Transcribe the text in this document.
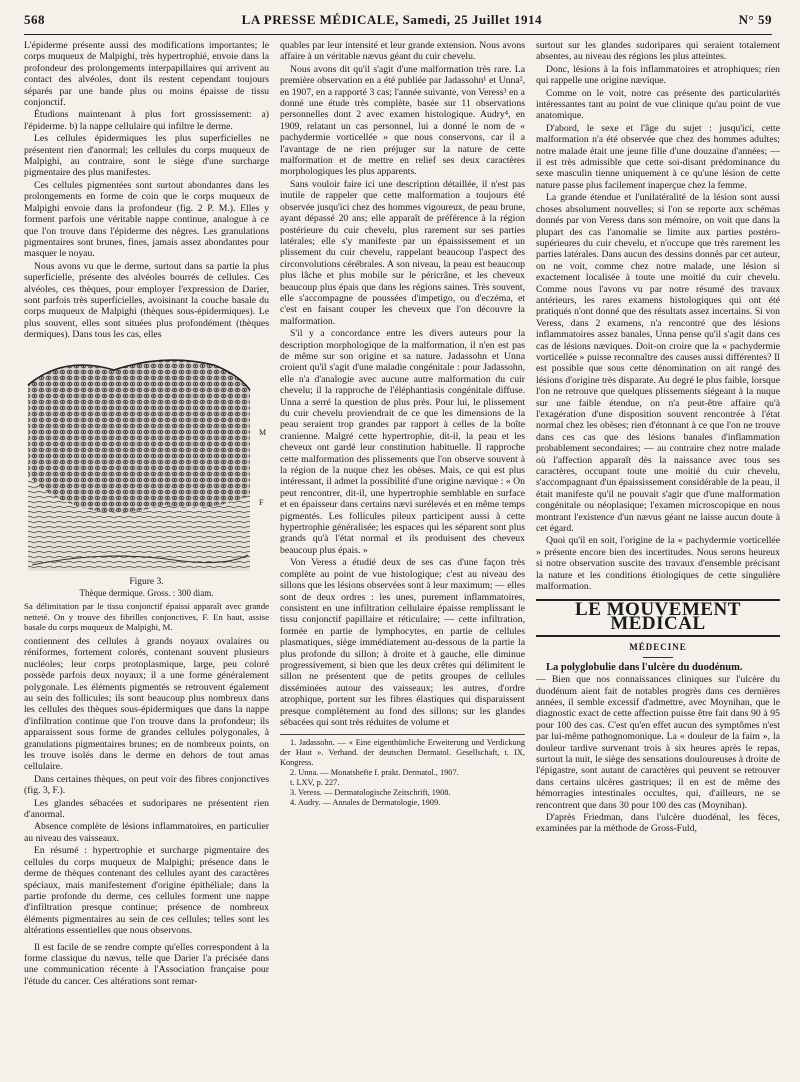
568	LA PRESSE MÉDICALE, Samedi, 25 Juillet 1914	N° 59

L'épiderme présente aussi des modifications importantes; le corps muqueux de Malpighi, très hypertrophié, envoie dans la profondeur des prolongements interpapillaires qui arrivent au contact des alvéoles, dont ils restent cependant toujours séparés par une bande plus ou moins épaisse de tissu conjonctif.

Étudions maintenant à plus fort grossissement: a) l'épiderme. b) la nappe cellulaire qui infiltre le derme.

Les cellules épidermiques les plus superficielles ne présentent rien d'anormal; les cellules du corps muqueux de Malpighi, au contraire, sont le siège d'une surcharge pigmentaire des plus manifestes.

Ces cellules pigmentées sont surtout abondantes dans les prolongements en forme de coin que le corps muqueux de Malpighi envoie dans la profondeur (fig. 2 P. M.). Elles y forment parfois une véritable nappe continue, analogue à ce que l'on trouve dans l'épiderme des nègres. Les granulations pigmentaires sont brunes, fines, jamais assez abondantes pour masquer le noyau.

Nous avons vu que le derme, surtout dans sa partie la plus superficielle, présente des alvéoles bourrés de cellules. Ces alvéoles, ces thèques, pour employer l'expression de Darier, sont parfois très superficielles, avoisinant la couche basale du corps muqueux de Malpighi (thèques sous-épidermiques). Le plus souvent, elles sont situées plus profondément (thèques dermiques). Dans tous les cas, elles

M
F
Figure 3.
Thèque dermique. Gross. : 300 diam.
Sa délimitation par le tissu conjonctif épaissi apparaît avec grande netteté. On y trouve des fibrilles conjonctives, F. En haut, assise basale du corps muqueux de Malpighi, M.

contiennent des cellules à grands noyaux ovalaires ou réniformes, fortement colorés, contenant souvent plusieurs nucléoles; leur corps protoplasmique, large, peu coloré possède parfois deux noyaux; il a une forme généralement polygonale. Les éléments pigmentés se retrouvent également au sein des follicules; ils sont beaucoup plus nombreux dans les cellules des thèques sous-épidermiques que dans la nappe d'infiltration continue que l'on trouve dans la profondeur; ils apparaissent sous forme de grandes cellules polygonales, à granulations pigmentaires brunes; en de nombreux points, on les trouve isolés dans le derme en dehors de tout amas cellulaire.

Dans certaines thèques, on peut voir des fibres conjonctives (fig. 3, F.).

Les glandes sébacées et sudoripares ne présentent rien d'anormal.

Absence complète de lésions inflammatoires, en particulier au niveau des vaisseaux.

En résumé : hypertrophie et surcharge pigmentaire des cellules du corps muqueux de Malpighi; présence dans le derme de thèques contenant des cellules ayant des caractères spéciaux, mais manifestement d'origine épithéliale; dans la partie profonde du derme, ces cellules forment une nappe d'infiltration presque continue; présence de nombreux éléments pigmentaires au sein de ces cellules; telles sont les altérations essentielles que nous observons.

Il est facile de se rendre compte qu'elles correspondent à la forme classique du nævus, telle que Darier l'a précisée dans une communication récente à l'Association française pour l'étude du cancer. Ces altérations sont remar-

quables par leur intensité et leur grande extension. Nous avons affaire à un véritable nævus géant du cuir chevelu.

Nous avons dit qu'il s'agit d'une malformation très rare. La première observation en a été publiée par Jadassohn¹ et Unna², en 1907, en a rapporté 3 cas; l'année suivante, von Veress³ en a donné une étude très complète, basée sur 11 observations personnelles dont 2 avec examen histologique. Audry⁴, en 1909, relatant un cas personnel, lui a donné le nom de « pachydermie vorticellée » que nous conservons, car il a l'avantage de ne rien préjuger sur la nature de cette malformation et de mettre en relief ses deux caractères morphologiques les plus apparents.

Sans vouloir faire ici une description détaillée, il n'est pas inutile de rappeler que cette malformation a toujours été observée jusqu'ici chez des hommes vigoureux, de peau brune, ayant dépassé 20 ans; elle apparaît de préférence à la région postérieure du cuir chevelu, plus rarement sur ses parties latérales; elle s'y manifeste par un épaississement et un plissement du cuir chevelu, rappelant beaucoup l'aspect des circonvolutions cérébrales. A son niveau, la peau est beaucoup plus lâche et plus mobile sur le péricrâne, et les cheveux beaucoup plus épais que dans les régions saines. Très souvent, elle s'accompagne de poussées d'impetigo, ou d'eczéma, et c'est en faisant couper les cheveux que l'on découvre la malformation.

S'il y a concordance entre les divers auteurs pour la description morphologique de la malformation, il n'en est pas de même sur son origine et sa nature. Jadassohn et Unna croient qu'il s'agit d'une maladie congénitale : pour Jadassohn, elle n'a d'analogie avec aucune autre malformation du cuir chevelu; il la rapproche de l'éléphantiasis congénitale diffuse. Unna a serré la question de plus près. Pour lui, le plissement du cuir chevelu proviendrait de ce que les dimensions de la peau seraient trop grandes par rapport à celles de la boîte cranienne. Malgré cette hypertrophie, dit-il, la peau et les cheveux ont gardé leur constitution habituelle. Il rapproche cette malformation des plissements que l'on observe souvent à la région de la nuque chez les obèses. Mais, ce qui est plus intéressant, il admet la possibilité d'une origine nævique : « On peut rencontrer, dit-il, une hypertrophie semblable en surface et en épaisseur dans certains nævi surélevés et en même temps pigmentés. Les follicules pileux participent aussi à cette hypertrophie généralisée; les espaces qui les séparent sont plus grands qu'à l'état normal et ils produisent des cheveux beaucoup plus épais. »

Von Veress a étudié deux de ses cas d'une façon très complète au point de vue histologique; c'est au niveau des sillons que les lésions observées sont à leur maximum; — elles sont de deux ordres : les unes, purement inflammatoires, consistent en une infiltration cellulaire épaisse remplissant le tissu conjonctif papillaire et réticulaire; — cette infiltration, formée en partie de lymphocytes, en partie de cellules plasmatiques, siège immédiatement au-dessous de la partie la plus profonde du sillon; à droite et à gauche, elle diminue progressivement, si bien que les deux crêtes qui délimitent le sillon ne présentent que de petits groupes de cellules disséminées autour des vaisseaux; les autres, d'ordre atrophique, portent sur les fibres élastiques qui disparaissent presque complètement au fond des sillons; sur les glandes sébacées qui sont très réduites de volume et

1. Jadassohn. — « Eine eigenthümliche Erweiterung und Verdickung der Haut ». Verhand. der deutschen Dermatol. Gesellschaft, t. IX, Kongress.
2. Unna. — Monatshefte f. prakt. Dermatol., 1907.
t. LXV, p. 227.
3. Veress. — Dermatologische Zeitschrift, 1908.
4. Audry. — Annales de Dermatologie, 1909.

surtout sur les glandes sudoripares qui seraient totalement absentes, au niveau des régions les plus atteintes.

Donc, lésions à la fois inflammatoires et atrophiques; rien qui rappelle une origine nævique.

Comme on le voit, notre cas présente des particularités intéressantes tant au point de vue clinique qu'au point de vue anatomique.

D'abord, le sexe et l'âge du sujet : jusqu'ici, cette malformation n'a été observée que chez des hommes adultes; notre malade était une jeune fille d'une douzaine d'années; — il est très admissible que cette soi-disant prédominance du sexe masculin tienne uniquement à ce qu'une lésion de cette nature passe plus facilement inaperçue chez la femme.

La grande étendue et l'unilatéralité de la lésion sont aussi choses absolument nouvelles; si l'on se reporte aux schémas donnés par von Veress dans son mémoire, on voit que dans la plupart des cas l'anomalie se limite aux parties postéro-supérieures du cuir chevelu, et n'occupe que très rarement les parties latérales. Dans aucun des dessins donnés par cet auteur, on ne voit, comme chez notre malade, une lésion si exactement localisée à toute une moitié du cuir chevelu. Comme nous l'avons vu par notre résumé des travaux antérieurs, les rares examens histologiques qui ont été pratiqués n'ont donné que des résultats assez incertains. Si von Veress, dans 2 examens, n'a rencontré que des lésions inflammatoires assez banales, Unna pense qu'il s'agit dans ces cas de lésions næviques. Doit-on croire que la « pachydermie vorticellée » puisse reconnaître des causes aussi différentes? Il est possible que sous cette dénomination on ait rangé des lésions d'origine très disparate. Au degré le plus faible, lorsque l'on ne retrouve que quelques plissements siégeant à la nuque sur une faible étendue, on n'a peut-être affaire qu'à l'exagération d'une disposition souvent rencontrée à l'état normal chez les obèses; rien d'étonnant à ce que l'on ne trouve dans ces cas que des lésions banales d'inflammation probablement secondaires; — au contraire chez notre malade où l'affection apparaît dès la naissance avec tous ses caractères, occupant toute une moitié du cuir chevelu, s'accompagnant d'un épaississement considérable de la peau, il était manifeste qu'il ne pouvait s'agir que d'une malformation congénitale ou néoplasique; l'examen microscopique en nous montrant l'existence d'un nævus géant ne laisse aucun doute à cet égard.

Quoi qu'il en soit, l'origine de la « pachydermie vorticellée » présente encore bien des incertitudes. Nous serons heureux si notre observation suscite des travaux d'ensemble précisant la nature et les conditions étiologiques de cette singulière malformation.

LE MOUVEMENT MÉDICAL
MÉDECINE

La polyglobulie dans l'ulcère du duodénum.

— Bien que nos connaissances cliniques sur l'ulcère du duodénum aient fait de notables progrès dans ces dernières années, il semble excessif d'admettre, avec Moynihan, que le diagnostic exact de cette affection puisse être fait dans 90 à 95 pour 100 des cas. C'est qu'en effet aucun des symptômes n'est par lui-même pathognomonique. La « douleur de la faim », la douleur tardive survenant trois à six heures après le repas, surtout la nuit, le siège des sensations douloureuses à droite de l'épigastre, sont autant de caractères qui peuvent se retrouver dans certains ulcères gastriques; il en est de même des hémorragies intestinales occultes, qui, d'ailleurs, ne se rencontrent que dans 30 pour 100 des cas (Moynihan).

D'après Friedman, dans l'ulcère duodénal, les fèces, examinées par la méthode de Gross-Fuld,
